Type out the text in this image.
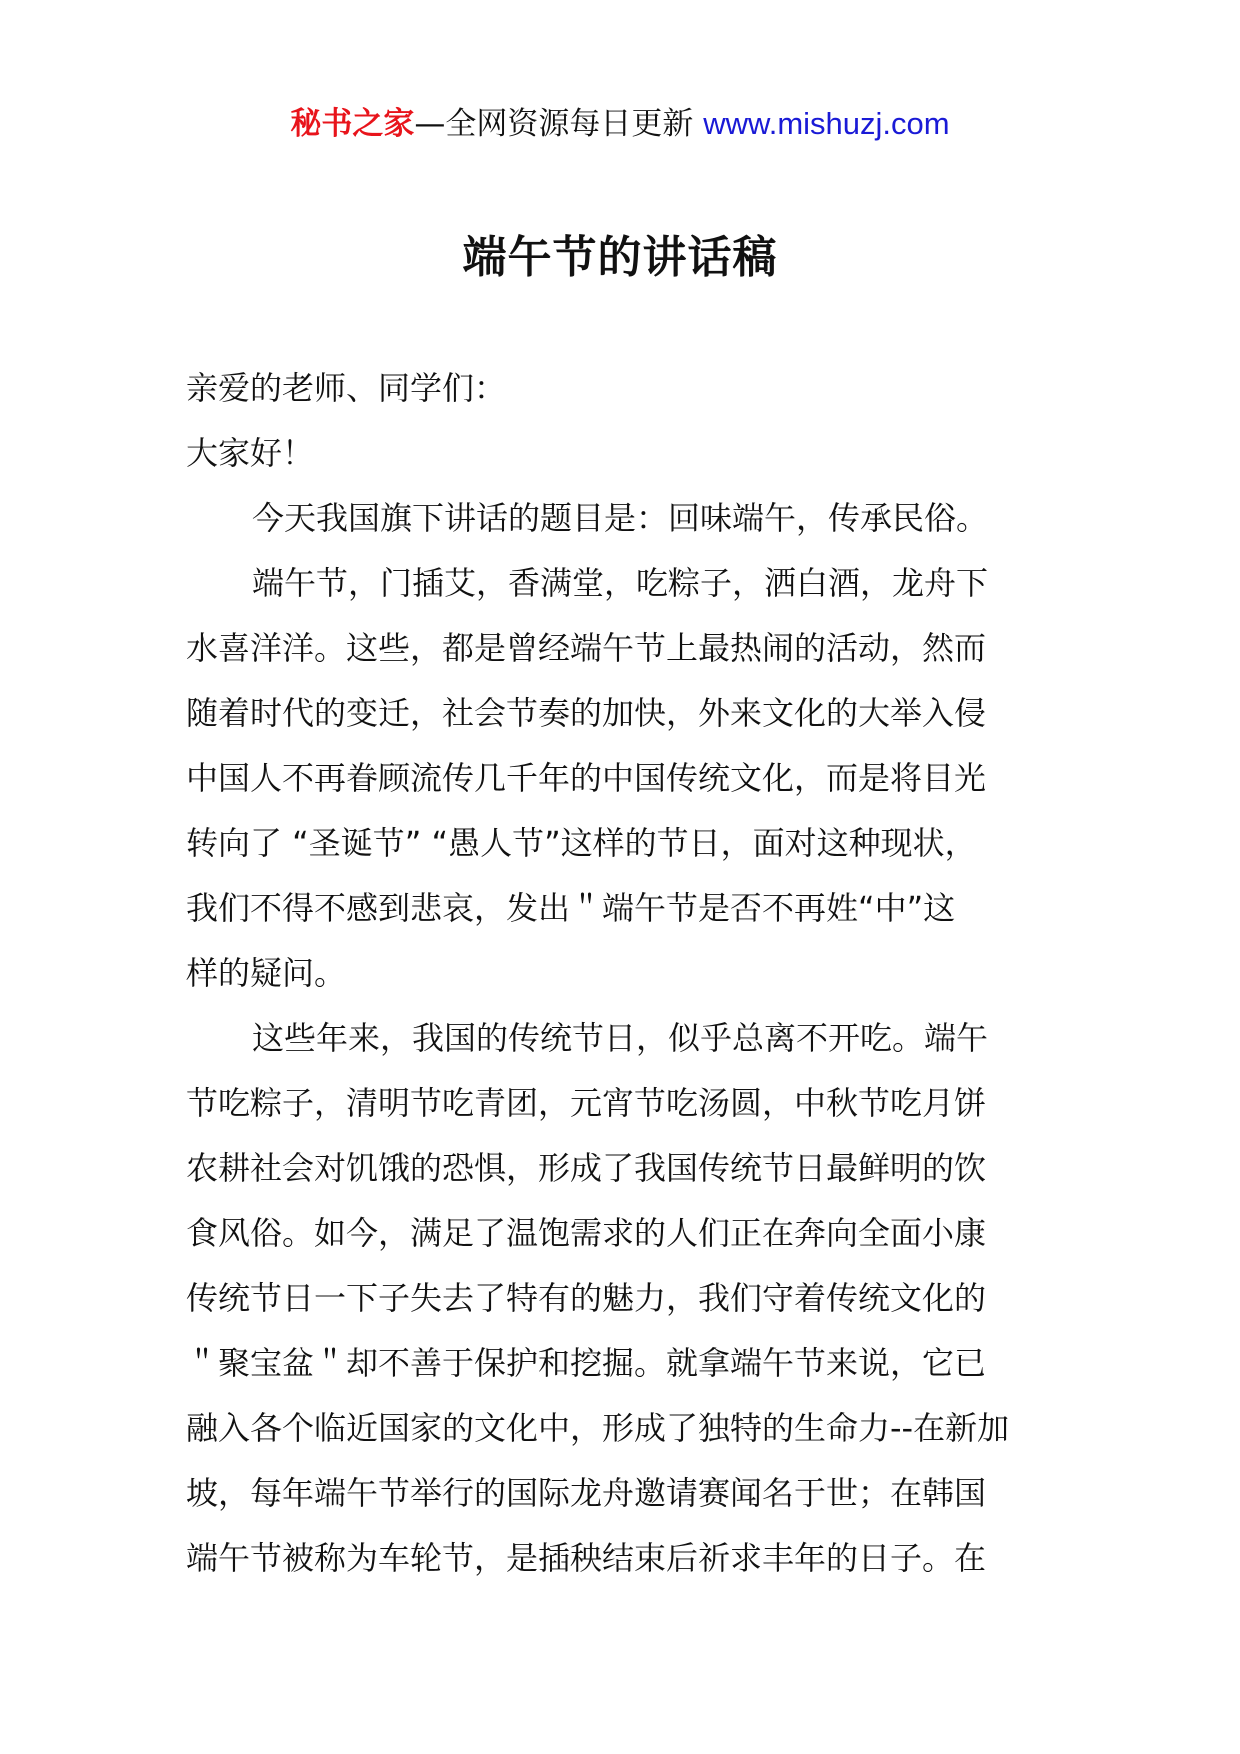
秘书之家—全网资源每日更新 www.mishuzj.com
端午节的讲话稿
亲爱的老师、同学们：
大家好！
今天我国旗下讲话的题目是：回味端午，传承民俗。
端午节，门插艾，香满堂，吃粽子，洒白酒，龙舟下
水喜洋洋。这些，都是曾经端午节上最热闹的活动，然而
随着时代的变迁，社会节奏的加快，外来文化的大举入侵
中国人不再眷顾流传几千年的中国传统文化，而是将目光
转向了 “圣诞节” “愚人节”这样的节日，面对这种现状，
我们不得不感到悲哀，发出＂端午节是否不再姓“中”这
样的疑问。
这些年来，我国的传统节日，似乎总离不开吃。端午
节吃粽子，清明节吃青团，元宵节吃汤圆，中秋节吃月饼
农耕社会对饥饿的恐惧，形成了我国传统节日最鲜明的饮
食风俗。如今，满足了温饱需求的人们正在奔向全面小康
传统节日一下子失去了特有的魅力，我们守着传统文化的
＂聚宝盆＂却不善于保护和挖掘。就拿端午节来说，它已
融入各个临近国家的文化中，形成了独特的生命力--在新加
坡，每年端午节举行的国际龙舟邀请赛闻名于世；在韩国
端午节被称为车轮节，是插秧结束后祈求丰年的日子。在
